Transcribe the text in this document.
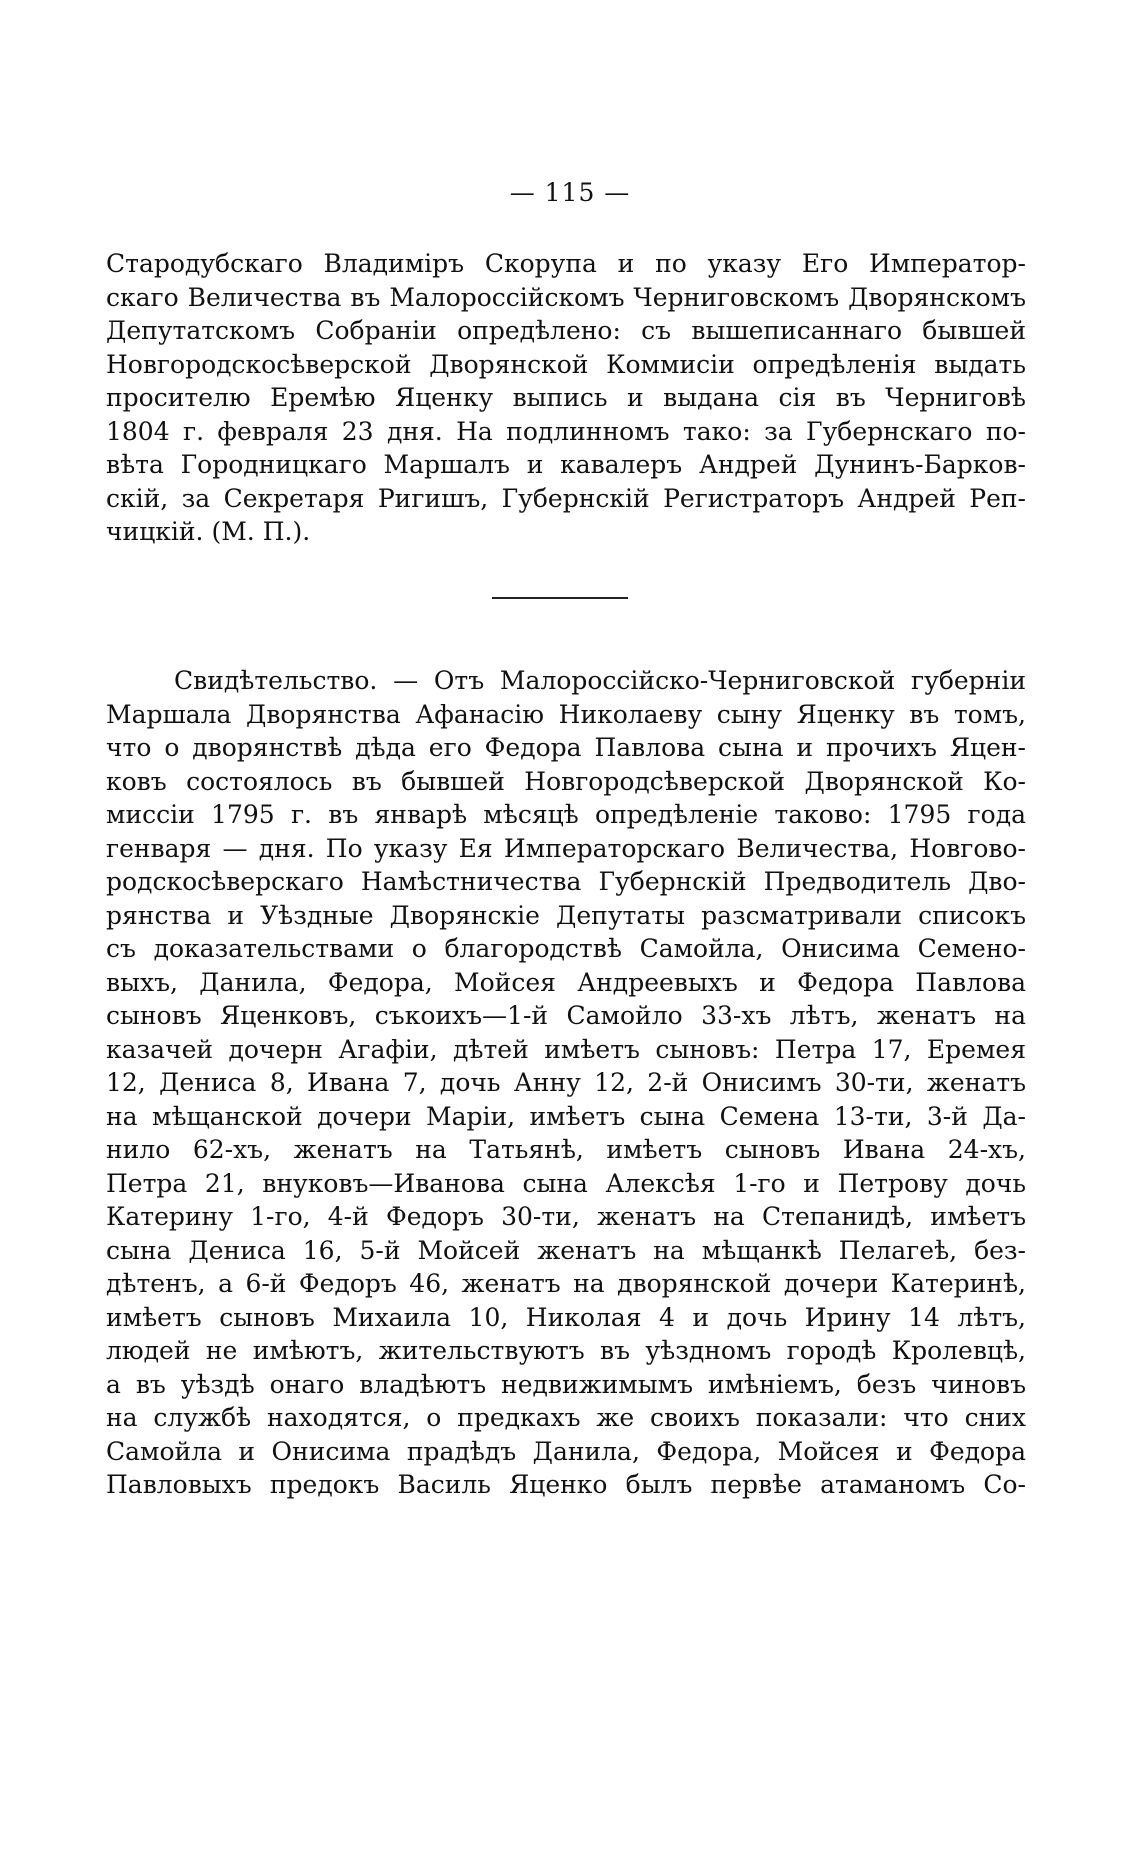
— 115 —
Стародубскаго Владимiръ Скорупа и по указу Его Император-
скаго Величества въ Малороссiйскомъ Черниговскомъ Дворянскомъ
Депутатскомъ Собранiи опредѣлено: съ вышеписаннаго бывшей
Новгородскосѣверской Дворянской Коммисiи опредѣленiя выдать
просителю Еремѣю Яценку выпись и выдана сiя въ Черниговѣ
1804 г. февраля 23 дня. На подлинномъ тако: за Губернскаго по-
вѣта Городницкаго Маршалъ и кавалеръ Андрей Дунинъ-Барков-
скiй, за Секретаря Ригишъ, Губернскiй Регистраторъ Андрей Реп-
чицкiй. (М. П.).
Свидѣтельство. — Отъ Малороссiйско-Черниговской губернiи
Маршала Дворянства Афанасiю Николаеву сыну Яценку въ томъ,
что о дворянствѣ дѣда его Федора Павлова сына и прочихъ Яцен-
ковъ состоялось въ бывшей Новгородсѣверской Дворянской Ко-
миссiи 1795 г. въ январѣ мѣсяцѣ опредѣленiе таково: 1795 года
генваря — дня. По указу Ея Императорскаго Величества, Новгово-
родскосѣверскаго Намѣстничества Губернскiй Предводитель Дво-
рянства и Уѣздные Дворянскiе Депутаты разсматривали списокъ
съ доказательствами о благородствѣ Самойла, Онисима Семено-
выхъ, Данила, Федора, Мойсея Андреевыхъ и Федора Павлова
сыновъ Яценковъ, съкоихъ—1-й Самойло 33-хъ лѣтъ, женатъ на
казачей дочерн Агафiи, дѣтей имѣетъ сыновъ: Петра 17, Еремея
12, Дениса 8, Ивана 7, дочь Анну 12, 2-й Онисимъ 30-ти, женатъ
на мѣщанской дочери Марiи, имѣетъ сына Семена 13-ти, 3-й Да-
нило 62-хъ, женатъ на Татьянѣ, имѣетъ сыновъ Ивана 24-хъ,
Петра 21, внуковъ—Иванова сына Алексѣя 1-го и Петрову дочь
Катерину 1-го, 4-й Федоръ 30-ти, женатъ на Степанидѣ, имѣетъ
сына Дениса 16, 5-й Мойсей женатъ на мѣщанкѣ Пелагеѣ, без-
дѣтенъ, а 6-й Федоръ 46, женатъ на дворянской дочери Катеринѣ,
имѣетъ сыновъ Михаила 10, Николая 4 и дочь Ирину 14 лѣтъ,
людей не имѣютъ, жительствуютъ въ уѣздномъ городѣ Кролевцѣ,
а въ уѣздѣ онаго владѣютъ недвижимымъ имѣнiемъ, безъ чиновъ
на службѣ находятся, о предкахъ же своихъ показали: что сних
Самойла и Онисима прадѣдъ Данила, Федора, Мойсея и Федора
Павловыхъ предокъ Василь Яценко былъ первѣе атаманомъ Со-
